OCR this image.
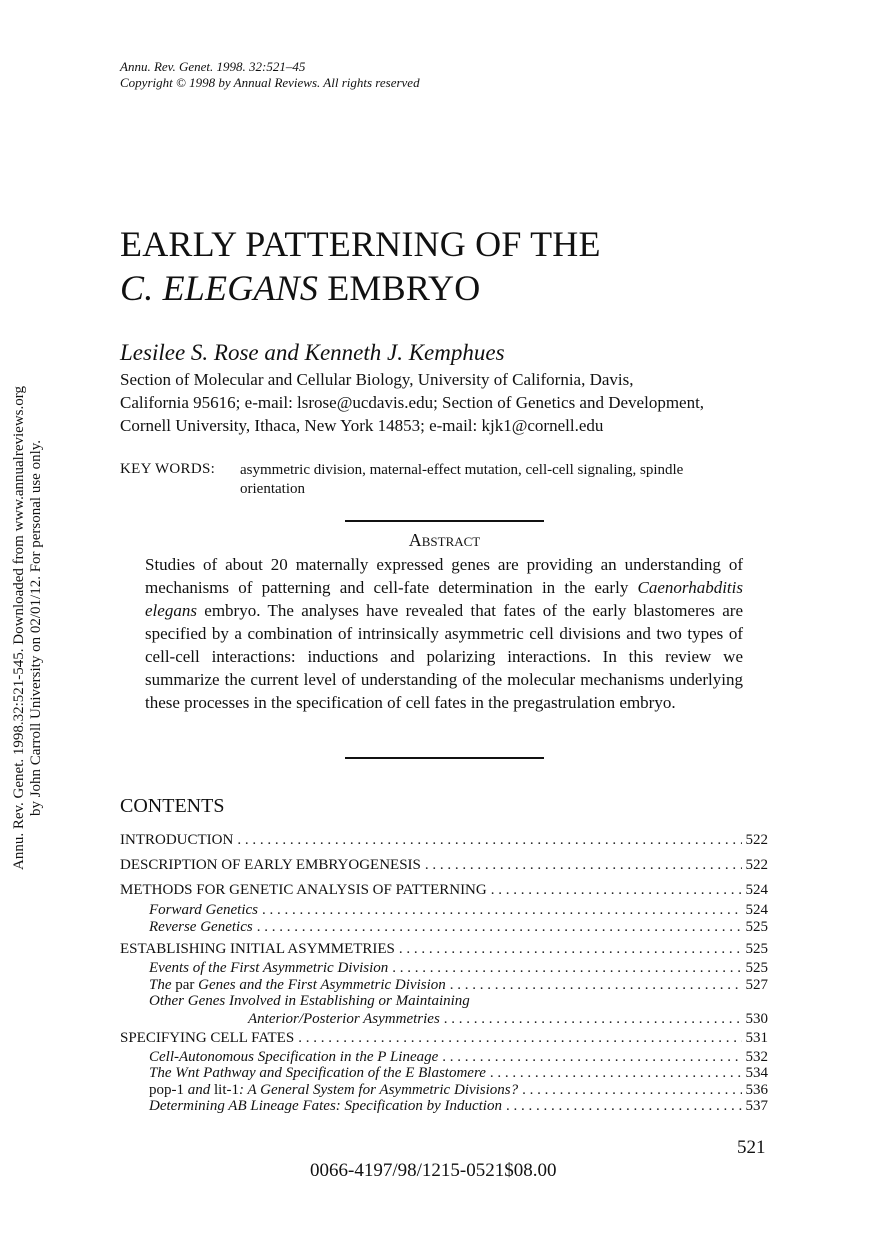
Annu. Rev. Genet. 1998.32:521-545. Downloaded from www.annualreviews.org by John Carroll University on 02/01/12. For personal use only.
Annu. Rev. Genet. 1998. 32:521–45
Copyright © 1998 by Annual Reviews. All rights reserved
EARLY PATTERNING OF THE
C. ELEGANS EMBRYO
Lesilee S. Rose and Kenneth J. Kemphues
Section of Molecular and Cellular Biology, University of California, Davis,
California 95616; e-mail: lsrose@ucdavis.edu; Section of Genetics and Development,
Cornell University, Ithaca, New York 14853; e-mail: kjk1@cornell.edu
KEY WORDS: asymmetric division, maternal-effect mutation, cell-cell signaling, spindle orientation
Abstract
Studies of about 20 maternally expressed genes are providing an understanding of mechanisms of patterning and cell-fate determination in the early Caenorhabditis elegans embryo. The analyses have revealed that fates of the early blastomeres are specified by a combination of intrinsically asymmetric cell divisions and two types of cell-cell interactions: inductions and polarizing interactions. In this review we summarize the current level of understanding of the molecular mechanisms underlying these processes in the specification of cell fates in the pregastrulation embryo.
CONTENTS
INTRODUCTION . . .	522
DESCRIPTION OF EARLY EMBRYOGENESIS . . .	522
METHODS FOR GENETIC ANALYSIS OF PATTERNING . . .	524
Forward Genetics . . .	524
Reverse Genetics . . .	525
ESTABLISHING INITIAL ASYMMETRIES . . .	525
Events of the First Asymmetric Division . . .	525
The par Genes and the First Asymmetric Division . . .	527
Other Genes Involved in Establishing or Maintaining
Anterior/Posterior Asymmetries . . .	530
SPECIFYING CELL FATES . . .	531
Cell-Autonomous Specification in the P Lineage . . .	532
The Wnt Pathway and Specification of the E Blastomere . . .	534
pop-1 and lit-1: A General System for Asymmetric Divisions? . . .	536
Determining AB Lineage Fates: Specification by Induction . . .	537
521
0066-4197/98/1215-0521$08.00
